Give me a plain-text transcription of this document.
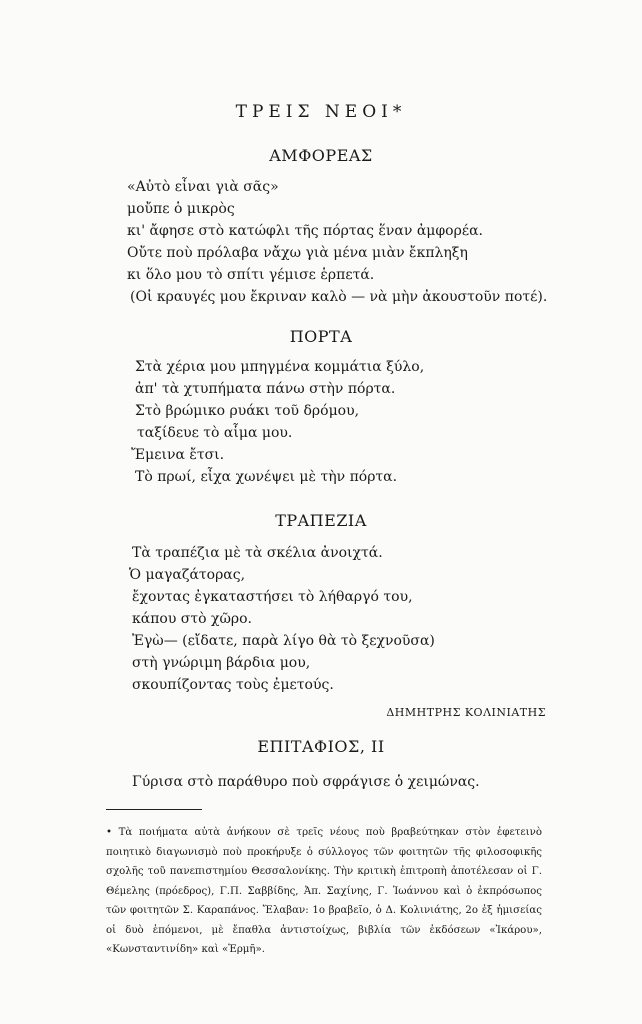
ΤΡΕΙΣ ΝΕΟΙ*
ΑΜΦΟΡΕΑΣ
«Αὐτὸ εἶναι γιὰ σᾶς»
μοὔπε ὁ μικρὸς
κι' ἄφησε στὸ κατώφλι τῆς πόρτας ἕναν ἀμφορέα.
Οὔτε ποὺ πρόλαβα νἄχω γιὰ μένα μιὰν ἔκπληξη
κι ὅλο μου τὸ σπίτι γέμισε ἑρπετά.
(Οἱ κραυγές μου ἔκριναν καλὸ — νὰ μὴν ἀκουστοῦν ποτέ).
ΠΟΡΤΑ
Στὰ χέρια μου μπηγμένα κομμάτια ξύλο,
ἀπ' τὰ χτυπήματα πάνω στὴν πόρτα.
Στὸ βρώμικο ρυάκι τοῦ δρόμου,
ταξίδευε τὸ αἷμα μου.
Ἔμεινα ἔτσι.
Τὸ πρωί, εἶχα χωνέψει μὲ τὴν πόρτα.
ΤΡΑΠΕΖΙΑ
Τὰ τραπέζια μὲ τὰ σκέλια ἀνοιχτά.
Ὁ μαγαζάτορας,
ἔχοντας ἐγκαταστήσει τὸ λήθαργό του,
κάπου στὸ χῶρο.
Ἐγὼ— (εἴδατε, παρὰ λίγο θὰ τὸ ξεχνοῦσα)
στὴ γνώριμη βάρδια μου,
σκουπίζοντας τοὺς ἐμετούς.
ΔΗΜΗΤΡΗΣ ΚΟΛΙΝΙΑΤΗΣ
ΕΠΙΤΑΦΙΟΣ, ΙΙ
Γύρισα στὸ παράθυρο ποὺ σφράγισε ὁ χειμώνας.
• Τὰ ποιήματα αὐτὰ ἀνήκουν σὲ τρεῖς νέους ποὺ βραβεύτηκαν στὸν ἐφετεινὸ ποιητικὸ διαγωνισμὸ ποὺ προκήρυξε ὁ σύλλογος τῶν φοιτητῶν τῆς φιλοσοφικῆς σχολῆς τοῦ πανεπιστημίου Θεσσαλονίκης. Τὴν κριτικὴ ἐπιτροπὴ ἀποτέλεσαν οἱ Γ. Θέμελης (πρόεδρος), Γ.Π. Σαββίδης, Ἀπ. Σαχίνης, Γ. Ἰωάννου καὶ ὁ ἐκπρόσωπος τῶν φοιτητῶν Σ. Καραπάνος. Ἔλαβαν: 1ο βραβεῖο, ὁ Δ. Κολινιάτης, 2ο ἐξ ἡμισείας οἱ δυὸ ἑπόμενοι, μὲ ἔπαθλα ἀντιστοίχως, βιβλία τῶν ἐκδόσεων «Ἰκάρου», «Κωνσταντινίδη» καὶ «Ἑρμῆ».
